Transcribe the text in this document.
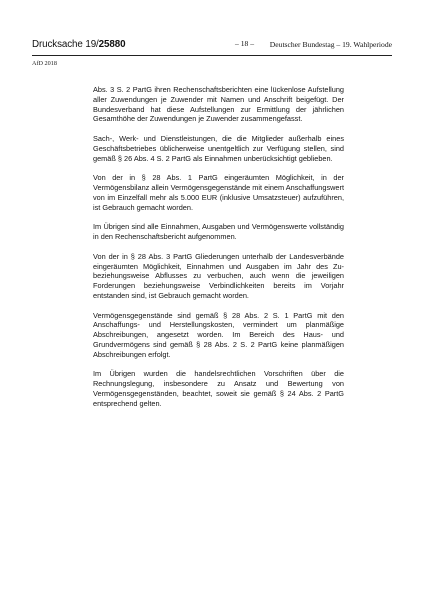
Drucksache 19/25880	– 18 – Deutscher Bundestag – 19. Wahlperiode
AfD 2018

Abs. 3 S. 2 PartG ihren Rechenschaftsberichten eine lückenlose Aufstellung aller Zuwendungen je Zuwender mit Namen und Anschrift beigefügt. Der Bundesverband hat diese Aufstellungen zur Ermittlung der jährlichen Gesamthöhe der Zuwendungen je Zuwender zusammengefasst.

Sach-, Werk- und Dienstleistungen, die die Mitglieder außerhalb eines Geschäftsbetriebes üblicherweise unentgeltlich zur Verfügung stellen, sind gemäß § 26 Abs. 4 S. 2 PartG als Einnahmen unberücksichtigt geblieben.

Von der in § 28 Abs. 1 PartG eingeräumten Möglichkeit, in der Vermögensbilanz allein Vermögensgegenstände mit einem Anschaffungswert von im Einzelfall mehr als 5.000 EUR (inklusive Umsatzsteuer) aufzuführen, ist Gebrauch gemacht worden.

Im Übrigen sind alle Einnahmen, Ausgaben und Vermögenswerte vollständig in den Rechenschaftsbericht aufgenommen.

Von der in § 28 Abs. 3 PartG Gliederungen unterhalb der Landesverbände eingeräumten Möglichkeit, Einnahmen und Ausgaben im Jahr des Zu- beziehungsweise Abflusses zu verbuchen, auch wenn die jeweiligen Forderungen beziehungsweise Verbindlichkeiten bereits im Vorjahr entstanden sind, ist Gebrauch gemacht worden.

Vermögensgegenstände sind gemäß § 28 Abs. 2 S. 1 PartG mit den Anschaffungs- und Herstellungskosten, vermindert um planmäßige Abschreibungen, angesetzt worden. Im Bereich des Haus- und Grundvermögens sind gemäß § 28 Abs. 2 S. 2 PartG keine planmäßigen Abschreibungen erfolgt.

Im Übrigen wurden die handelsrechtlichen Vorschriften über die Rechnungslegung, insbesondere zu Ansatz und Bewertung von Vermögensgegenständen, beachtet, soweit sie gemäß § 24 Abs. 2 PartG entsprechend gelten.
